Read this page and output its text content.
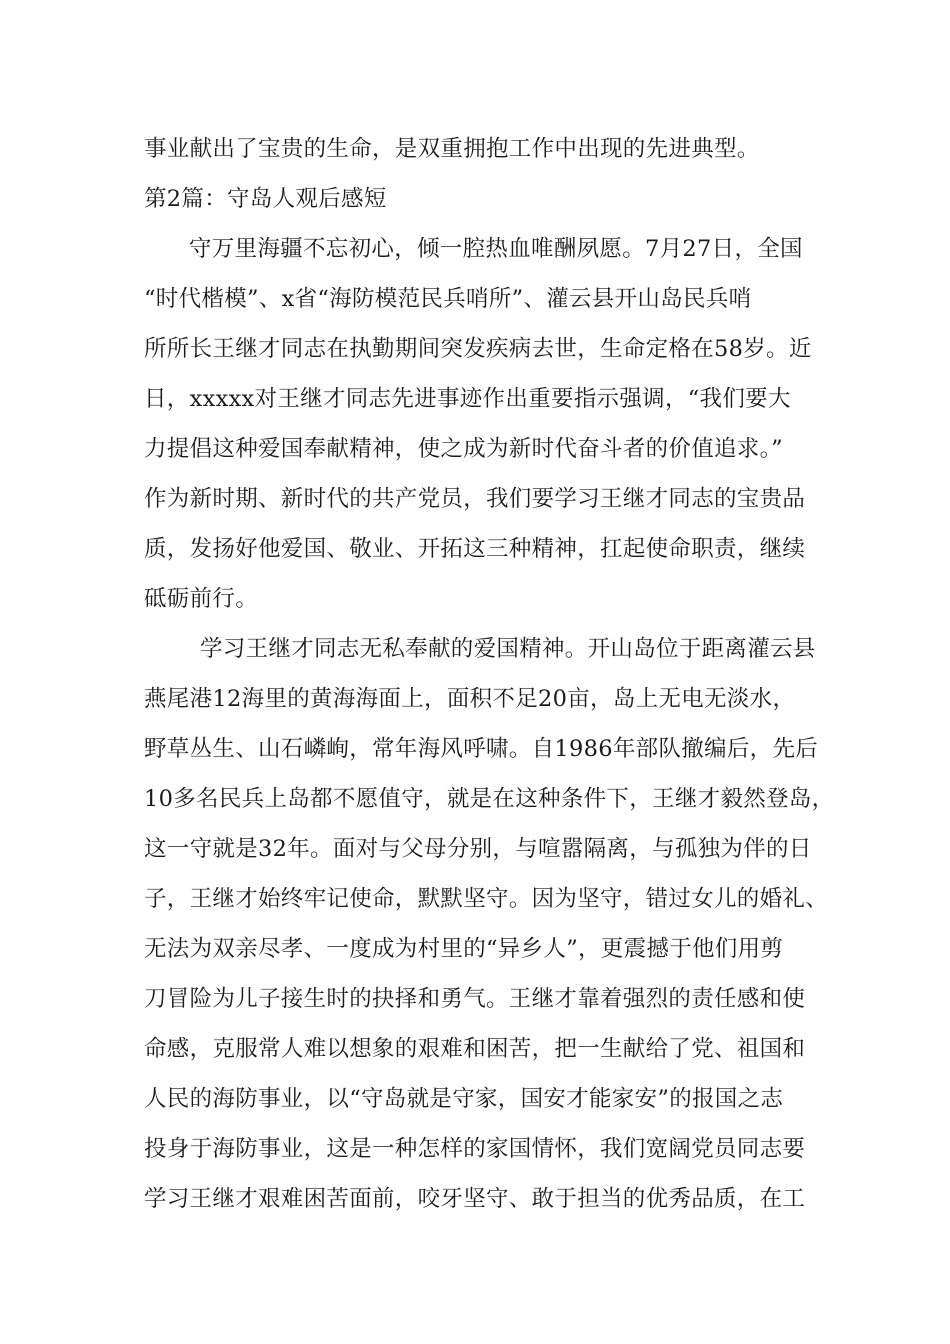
事业献出了宝贵的生命，是双重拥抱工作中出现的先进典型。
第2篇：守岛人观后感短
守万里海疆不忘初心，倾一腔热血唯酬夙愿。7月27日，全国
“时代楷模”、x省“海防模范民兵哨所”、灌云县开山岛民兵哨
所所长王继才同志在执勤期间突发疾病去世，生命定格在58岁。近
日，xxxxx对王继才同志先进事迹作出重要指示强调，“我们要大
力提倡这种爱国奉献精神，使之成为新时代奋斗者的价值追求。”
作为新时期、新时代的共产党员，我们要学习王继才同志的宝贵品
质，发扬好他爱国、敬业、开拓这三种精神，扛起使命职责，继续
砥砺前行。
学习王继才同志无私奉献的爱国精神。开山岛位于距离灌云县
燕尾港12海里的黄海海面上，面积不足20亩，岛上无电无淡水，
野草丛生、山石嶙峋，常年海风呼啸。自1986年部队撤编后，先后
10多名民兵上岛都不愿值守，就是在这种条件下，王继才毅然登岛，
这一守就是32年。面对与父母分别，与喧嚣隔离，与孤独为伴的日
子，王继才始终牢记使命，默默坚守。因为坚守，错过女儿的婚礼、
无法为双亲尽孝、一度成为村里的“异乡人”，更震撼于他们用剪
刀冒险为儿子接生时的抉择和勇气。王继才靠着强烈的责任感和使
命感，克服常人难以想象的艰难和困苦，把一生献给了党、祖国和
人民的海防事业，以“守岛就是守家，国安才能家安”的报国之志
投身于海防事业，这是一种怎样的家国情怀，我们宽阔党员同志要
学习王继才艰难困苦面前，咬牙坚守、敢于担当的优秀品质，在工
